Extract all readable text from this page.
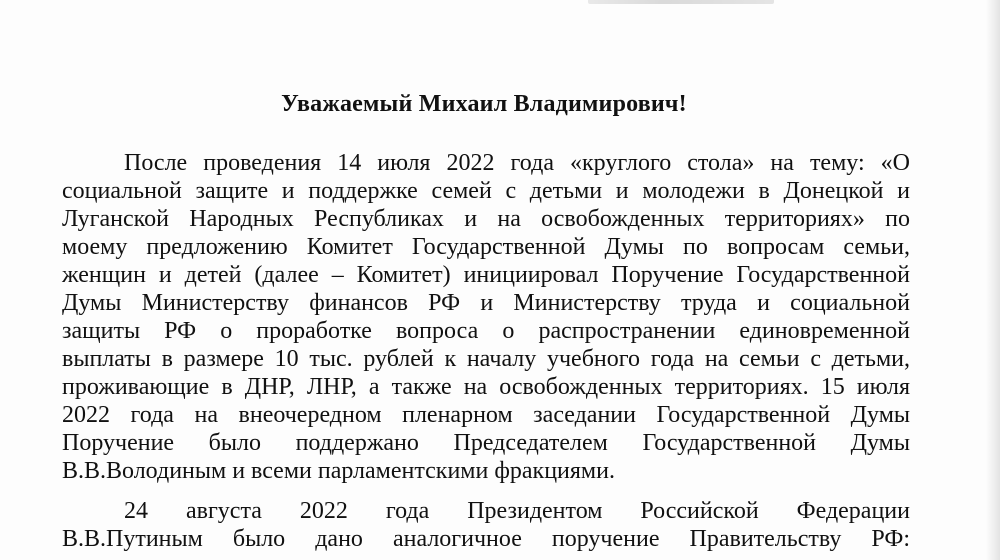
Уважаемый Михаил Владимирович!
После проведения 14 июля 2022 года «круглого стола» на тему: «О
социальной защите и поддержке семей с детьми и молодежи в Донецкой и
Луганской Народных Республиках и на освобожденных территориях» по
моему предложению Комитет Государственной Думы по вопросам семьи,
женщин и детей (далее – Комитет) инициировал Поручение Государственной
Думы Министерству финансов РФ и Министерству труда и социальной
защиты РФ о проработке вопроса о распространении единовременной
выплаты в размере 10 тыс. рублей к началу учебного года на семьи с детьми,
проживающие в ДНР, ЛНР, а также на освобожденных территориях. 15 июля
2022 года на внеочередном пленарном заседании Государственной Думы
Поручение было поддержано Председателем Государственной Думы
В.В.Володиным и всеми парламентскими фракциями.
24 августа 2022 года Президентом Российской Федерации
В.В.Путиным было дано аналогичное поручение Правительству РФ:
